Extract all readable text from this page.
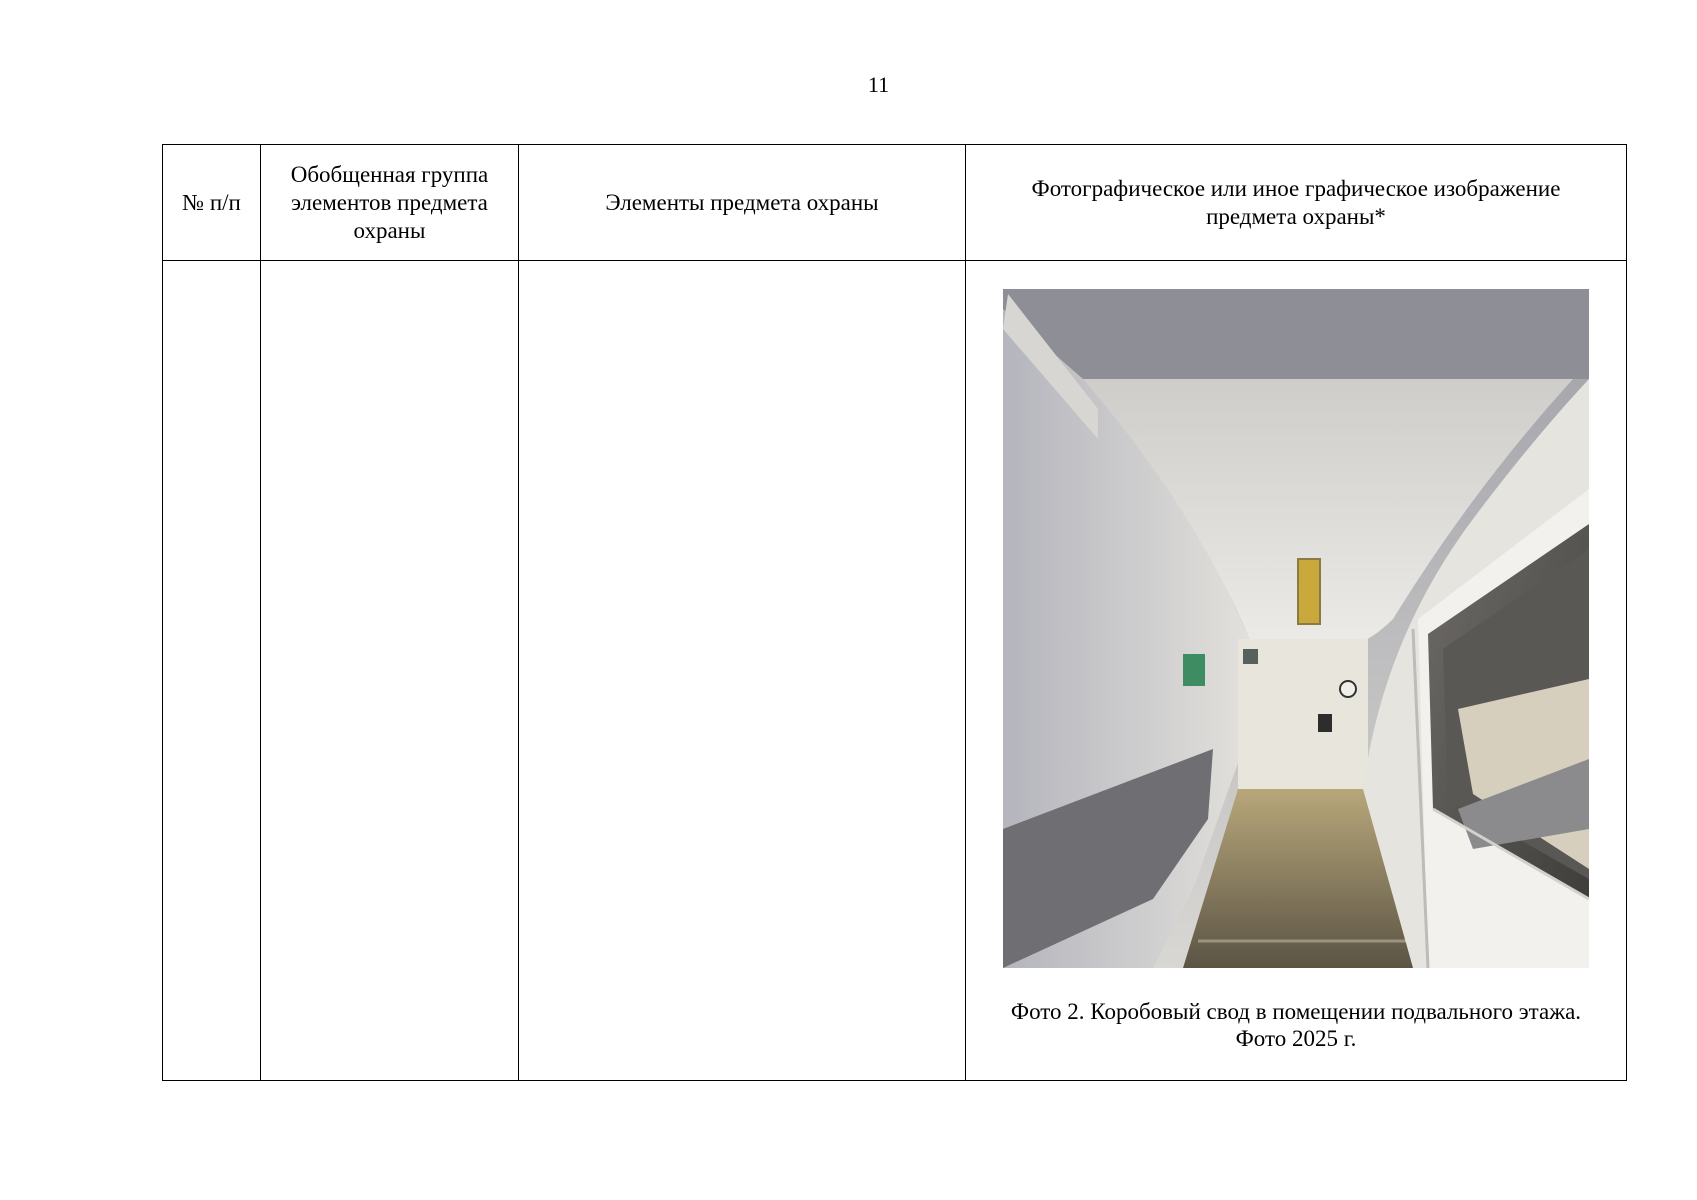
11
№ п/п	Обобщенная группа элементов предмета охраны	Элементы предмета охраны	Фотографическое или иное графическое изображение предмета охраны*

			Фото 2. Коробовый свод в помещении подвального этажа.
Фото 2025 г.
